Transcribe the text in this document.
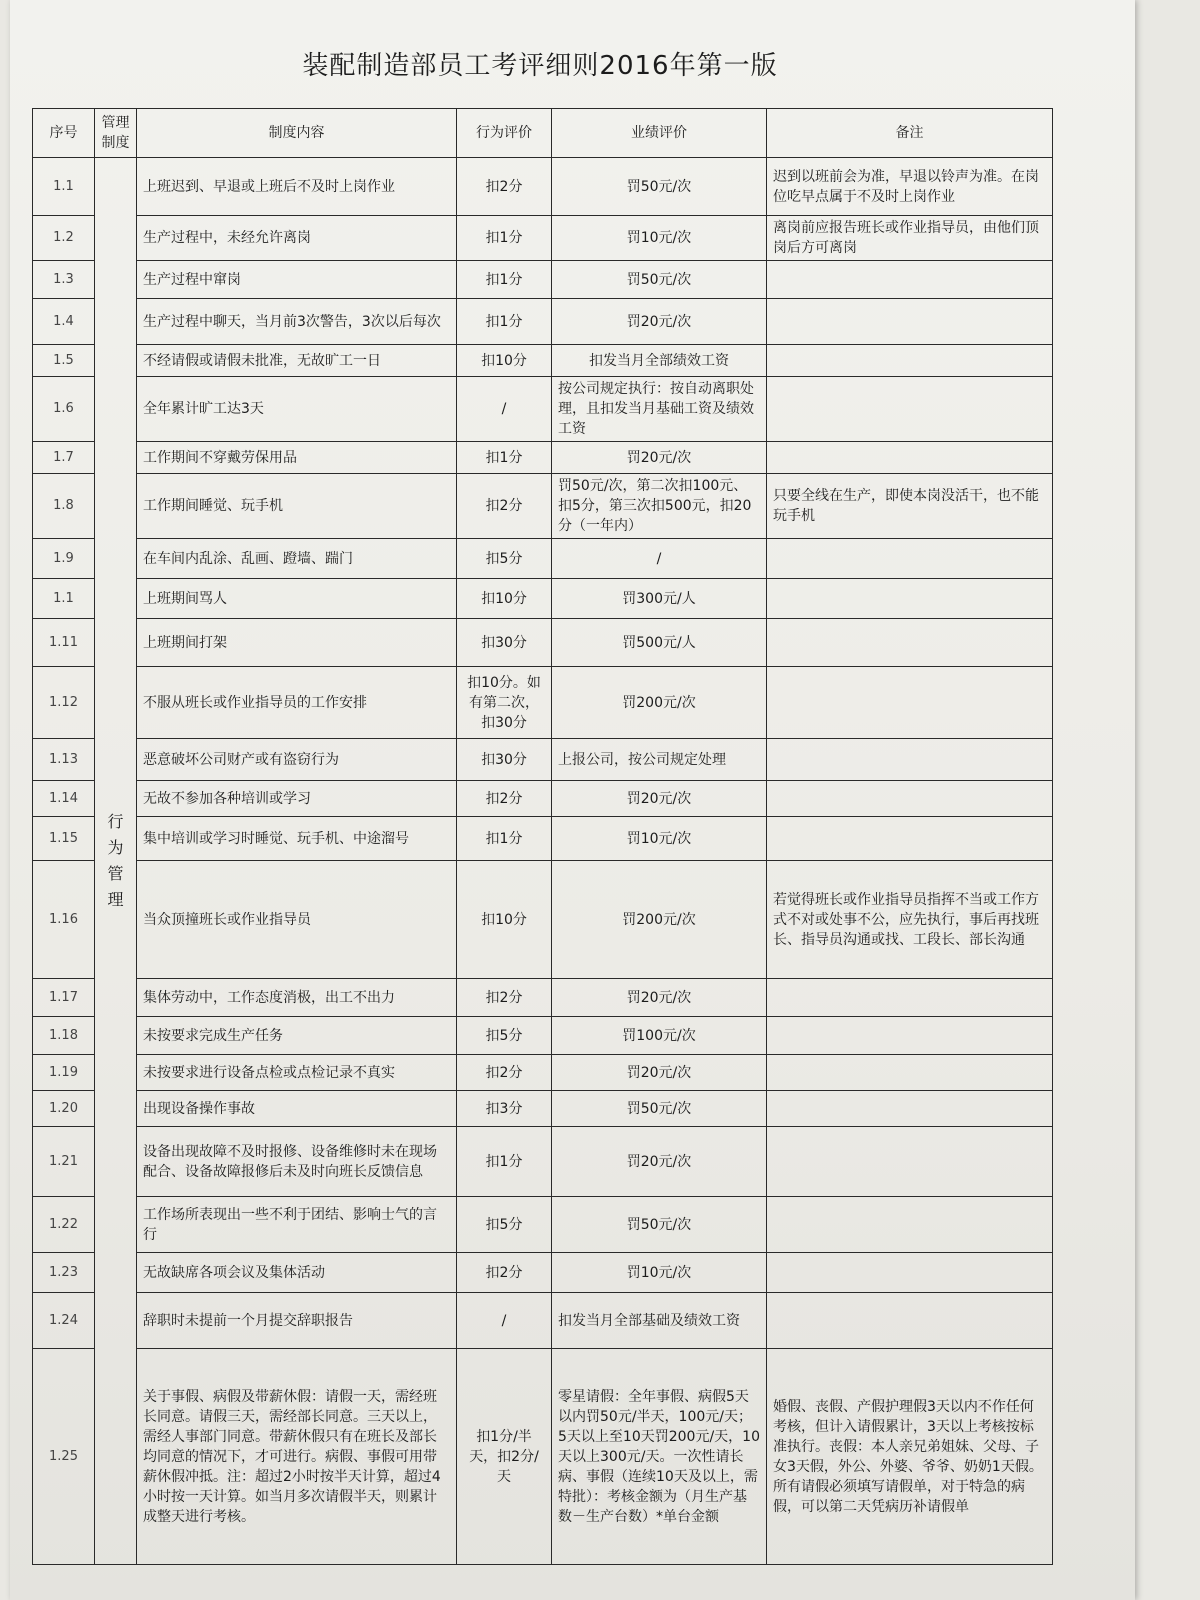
装配制造部员工考评细则2016年第一版
序号	管理制度	制度内容	行为评价	业绩评价	备注
1.1	行为管理	上班迟到、早退或上班后不及时上岗作业	扣2分	罚50元/次	迟到以班前会为准，早退以铃声为准。在岗位吃早点属于不及时上岗作业
1.2		生产过程中，未经允许离岗	扣1分	罚10元/次	离岗前应报告班长或作业指导员，由他们顶岗后方可离岗
1.3		生产过程中窜岗	扣1分	罚50元/次	
1.4		生产过程中聊天，当月前3次警告，3次以后每次	扣1分	罚20元/次	
1.5		不经请假或请假未批准，无故旷工一日	扣10分	扣发当月全部绩效工资	
1.6		全年累计旷工达3天	/	按公司规定执行：按自动离职处理，且扣发当月基础工资及绩效工资	
1.7		工作期间不穿戴劳保用品	扣1分	罚20元/次	
1.8		工作期间睡觉、玩手机	扣2分	罚50元/次，第二次扣100元、扣5分，第三次扣500元，扣20分（一年内）	只要全线在生产，即使本岗没活干，也不能玩手机
1.9		在车间内乱涂、乱画、蹬墙、踹门	扣5分	/	
1.1		上班期间骂人	扣10分	罚300元/人	
1.11		上班期间打架	扣30分	罚500元/人	
1.12		不服从班长或作业指导员的工作安排	扣10分。如有第二次，扣30分	罚200元/次	
1.13		恶意破坏公司财产或有盗窃行为	扣30分	上报公司，按公司规定处理	
1.14		无故不参加各种培训或学习	扣2分	罚20元/次	
1.15		集中培训或学习时睡觉、玩手机、中途溜号	扣1分	罚10元/次	
1.16		当众顶撞班长或作业指导员	扣10分	罚200元/次	若觉得班长或作业指导员指挥不当或工作方式不对或处事不公，应先执行，事后再找班长、指导员沟通或找、工段长、部长沟通
1.17		集体劳动中，工作态度消极，出工不出力	扣2分	罚20元/次	
1.18		未按要求完成生产任务	扣5分	罚100元/次	
1.19		未按要求进行设备点检或点检记录不真实	扣2分	罚20元/次	
1.20		出现设备操作事故	扣3分	罚50元/次	
1.21		设备出现故障不及时报修、设备维修时未在现场配合、设备故障报修后未及时向班长反馈信息	扣1分	罚20元/次	
1.22		工作场所表现出一些不利于团结、影响士气的言行	扣5分	罚50元/次	
1.23		无故缺席各项会议及集体活动	扣2分	罚10元/次	
1.24		辞职时未提前一个月提交辞职报告	/	扣发当月全部基础及绩效工资	
1.25		关于事假、病假及带薪休假：请假一天，需经班长同意。请假三天，需经部长同意。三天以上，需经人事部门同意。带薪休假只有在班长及部长均同意的情况下，才可进行。病假、事假可用带薪休假冲抵。注：超过2小时按半天计算，超过4小时按一天计算。如当月多次请假半天，则累计成整天进行考核。	扣1分/半天，扣2分/天	零星请假：全年事假、病假5天以内罚50元/半天，100元/天；5天以上至10天罚200元/天，10天以上300元/天。一次性请长病、事假（连续10天及以上，需特批）：考核金额为（月生产基数－生产台数）*单台金额	婚假、丧假、产假护理假3天以内不作任何考核，但计入请假累计，3天以上考核按标准执行。丧假：本人亲兄弟姐妹、父母、子女3天假，外公、外婆、爷爷、奶奶1天假。所有请假必须填写请假单，对于特急的病假，可以第二天凭病历补请假单
